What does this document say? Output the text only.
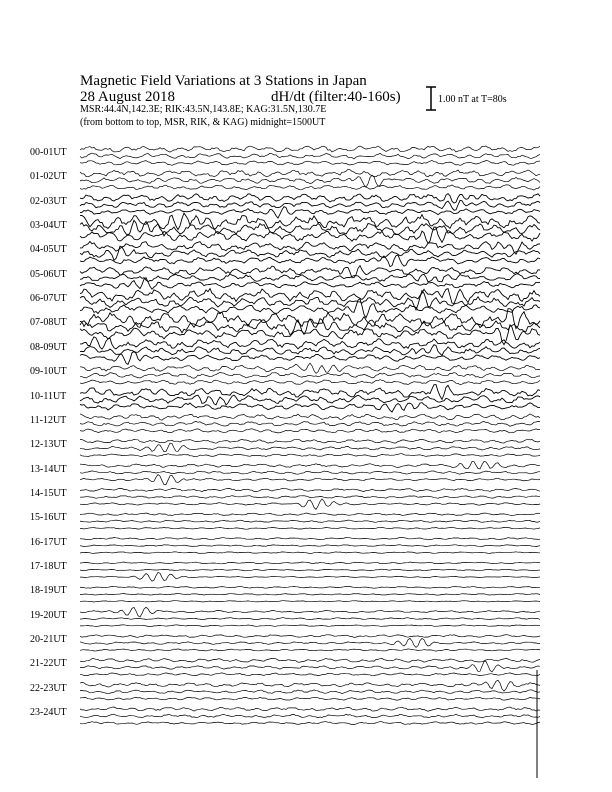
Magnetic Field Variations at 3 Stations in Japan
28 August 2018	dH/dt (filter:40-160s)
MSR:44.4N,142.3E; RIK:43.5N,143.8E; KAG:31.5N,130.7E
(from bottom to top, MSR, RIK, & KAG) midnight=1500UT
1.00 nT at T=80s
00-01UT
01-02UT
02-03UT
03-04UT
04-05UT
05-06UT
06-07UT
07-08UT
08-09UT
09-10UT
10-11UT
11-12UT
12-13UT
13-14UT
14-15UT
15-16UT
16-17UT
17-18UT
18-19UT
19-20UT
20-21UT
21-22UT
22-23UT
23-24UT
